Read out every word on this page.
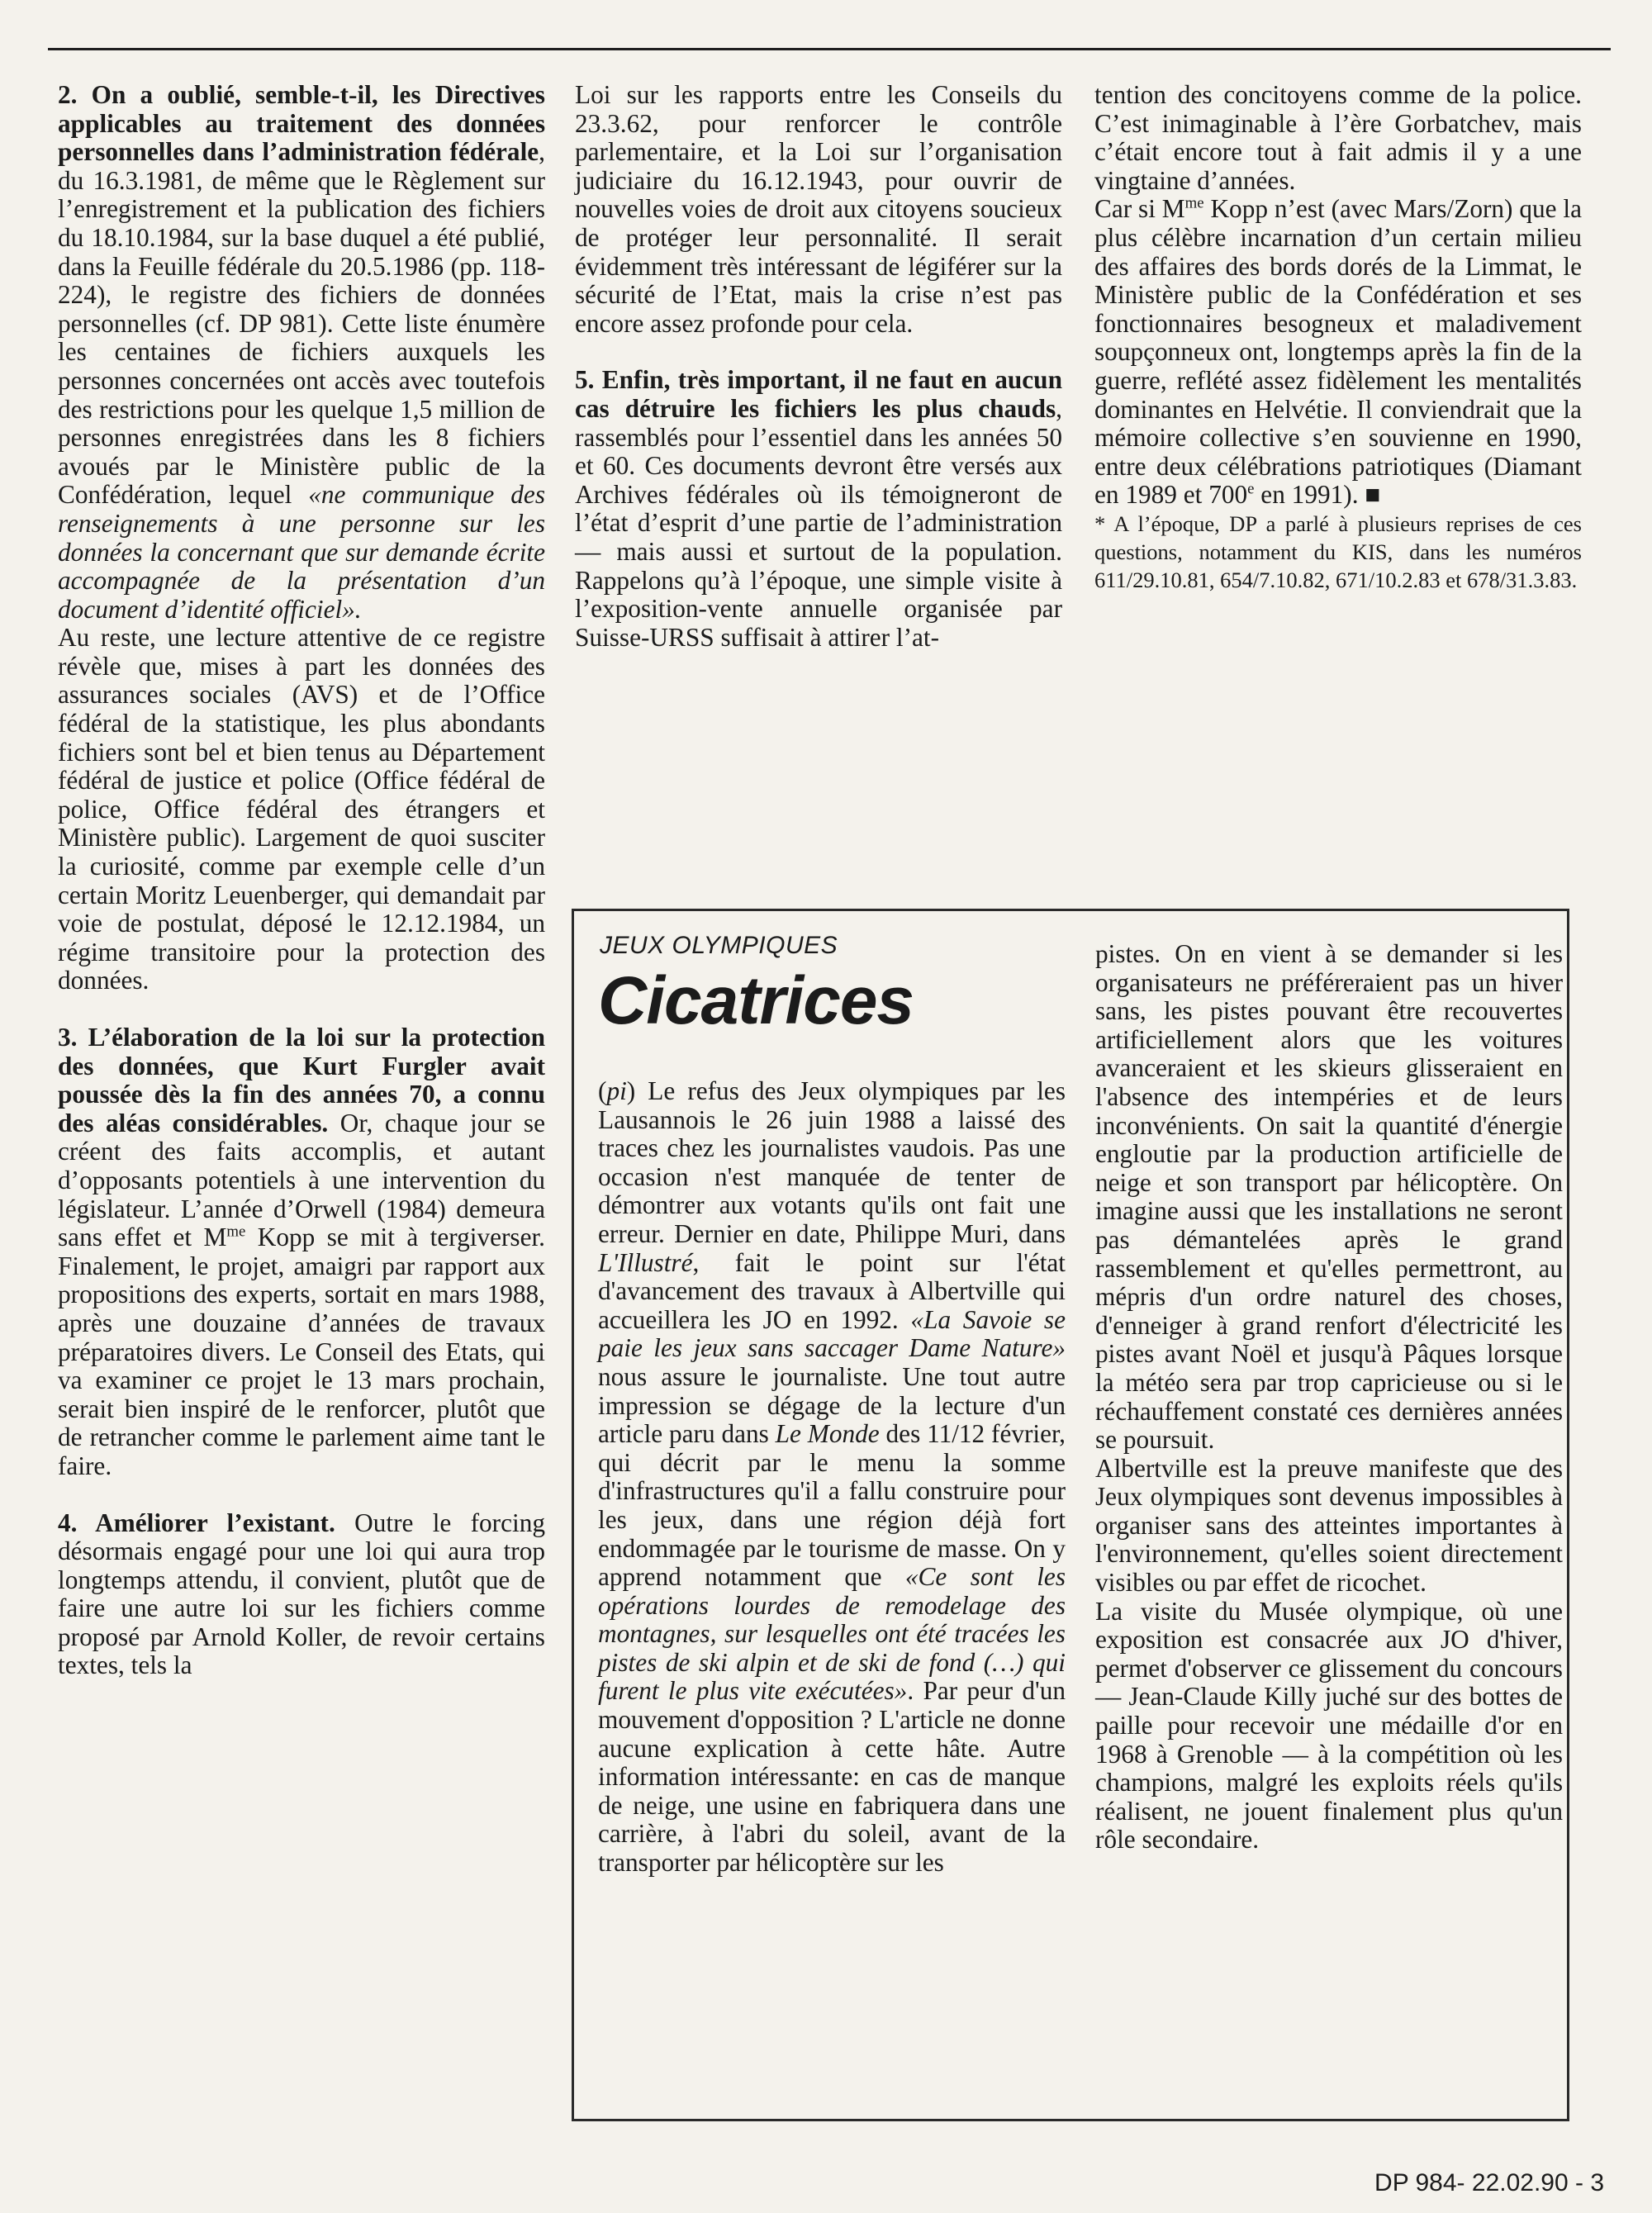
2. On a oublié, semble-t-il, les Directives applicables au traitement des données personnelles dans l’administration fédérale, du 16.3.1981, de même que le Règlement sur l’enregistrement et la publication des fichiers du 18.10.1984, sur la base duquel a été publié, dans la Feuille fédérale du 20.5.1986 (pp. 118-224), le registre des fichiers de données personnelles (cf. DP 981). Cette liste énumère les centaines de fichiers auxquels les personnes concernées ont accès avec toutefois des restrictions pour les quelque 1,5 million de personnes enregistrées dans les 8 fichiers avoués par le Ministère public de la Confédération, lequel «ne communique des renseignements à une personne sur les données la concernant que sur demande écrite accompagnée de la présentation d’un document d’identité officiel».

Au reste, une lecture attentive de ce registre révèle que, mises à part les données des assurances sociales (AVS) et de l’Office fédéral de la statistique, les plus abondants fichiers sont bel et bien tenus au Département fédéral de justice et police (Office fédéral de police, Office fédéral des étrangers et Ministère public). Largement de quoi susciter la curiosité, comme par exemple celle d’un certain Moritz Leuenberger, qui demandait par voie de postulat, déposé le 12.12.1984, un régime transitoire pour la protection des données.

3. L’élaboration de la loi sur la protection des données, que Kurt Furgler avait poussée dès la fin des années 70, a connu des aléas considérables. Or, chaque jour se créent des faits accomplis, et autant d’opposants potentiels à une intervention du législateur. L’année d’Orwell (1984) demeura sans effet et $M^{me}$ Kopp se mit à tergiverser. Finalement, le projet, amaigri par rapport aux propositions des experts, sortait en mars 1988, après une douzaine d’années de travaux préparatoires divers. Le Conseil des Etats, qui va examiner ce projet le 13 mars prochain, serait bien inspiré de le renforcer, plutôt que de retrancher comme le parlement aime tant le faire.

4. Améliorer l’existant. Outre le forcing désormais engagé pour une loi qui aura trop longtemps attendu, il convient, plutôt que de faire une autre loi sur les fichiers comme proposé par Arnold Koller, de revoir certains textes, tels la

Loi sur les rapports entre les Conseils du 23.3.62, pour renforcer le contrôle parlementaire, et la Loi sur l’organisation judiciaire du 16.12.1943, pour ouvrir de nouvelles voies de droit aux citoyens soucieux de protéger leur personnalité. Il serait évidemment très intéressant de légiférer sur la sécurité de l’Etat, mais la crise n’est pas encore assez profonde pour cela.

5. Enfin, très important, il ne faut en aucun cas détruire les fichiers les plus chauds, rassemblés pour l’essentiel dans les années 50 et 60. Ces documents devront être versés aux Archives fédérales où ils témoigneront de l’état d’esprit d’une partie de l’administration — mais aussi et surtout de la population. Rappelons qu’à l’époque, une simple visite à l’exposition-vente annuelle organisée par Suisse-URSS suffisait à attirer l’at-

tention des concitoyens comme de la police. C’est inimaginable à l’ère Gorbatchev, mais c’était encore tout à fait admis il y a une vingtaine d’années.

Car si $M^{me}$ Kopp n’est (avec Mars/Zorn) que la plus célèbre incarnation d’un certain milieu des affaires des bords dorés de la Limmat, le Ministère public de la Confédération et ses fonctionnaires besogneux et maladivement soupçonneux ont, longtemps après la fin de la guerre, reflété assez fidèlement les mentalités dominantes en Helvétie. Il conviendrait que la mémoire collective s’en souvienne en 1990, entre deux célébrations patriotiques (Diamant en 1989 et 700e en 1991). ■

* A l’époque, DP a parlé à plusieurs reprises de ces questions, notamment du KIS, dans les numéros 611/29.10.81, 654/7.10.82, 671/10.2.83 et 678/31.3.83.

JEUX OLYMPIQUES
Cicatrices

(pi) Le refus des Jeux olympiques par les Lausannois le 26 juin 1988 a laissé des traces chez les journalistes vaudois. Pas une occasion n'est manquée de tenter de démontrer aux votants qu'ils ont fait une erreur. Dernier en date, Philippe Muri, dans L'Illustré, fait le point sur l'état d'avancement des travaux à Albertville qui accueillera les JO en 1992. «La Savoie se paie les jeux sans saccager Dame Nature» nous assure le journaliste. Une tout autre impression se dégage de la lecture d'un article paru dans Le Monde des 11/12 février, qui décrit par le menu la somme d'infrastructures qu'il a fallu construire pour les jeux, dans une région déjà fort endommagée par le tourisme de masse. On y apprend notamment que «Ce sont les opérations lourdes de remodelage des montagnes, sur lesquelles ont été tracées les pistes de ski alpin et de ski de fond (…) qui furent le plus vite exécutées». Par peur d'un mouvement d'opposition ? L'article ne donne aucune explication à cette hâte. Autre information intéressante: en cas de manque de neige, une usine en fabriquera dans une carrière, à l'abri du soleil, avant de la transporter par hélicoptère sur les

pistes. On en vient à se demander si les organisateurs ne préféreraient pas un hiver sans, les pistes pouvant être recouvertes artificiellement alors que les voitures avanceraient et les skieurs glisseraient en l'absence des intempéries et de leurs inconvénients. On sait la quantité d'énergie engloutie par la production artificielle de neige et son transport par hélicoptère. On imagine aussi que les installations ne seront pas démantelées après le grand rassemblement et qu'elles permettront, au mépris d'un ordre naturel des choses, d'enneiger à grand renfort d'électricité les pistes avant Noël et jusqu'à Pâques lorsque la météo sera par trop capricieuse ou si le réchauffement constaté ces dernières années se poursuit.

Albertville est la preuve manifeste que des Jeux olympiques sont devenus impossibles à organiser sans des atteintes importantes à l'environnement, qu'elles soient directement visibles ou par effet de ricochet.

La visite du Musée olympique, où une exposition est consacrée aux JO d'hiver, permet d'observer ce glissement du concours — Jean-Claude Killy juché sur des bottes de paille pour recevoir une médaille d'or en 1968 à Grenoble — à la compétition où les champions, malgré les exploits réels qu'ils réalisent, ne jouent finalement plus qu'un rôle secondaire.

DP 984- 22.02.90 - 3
